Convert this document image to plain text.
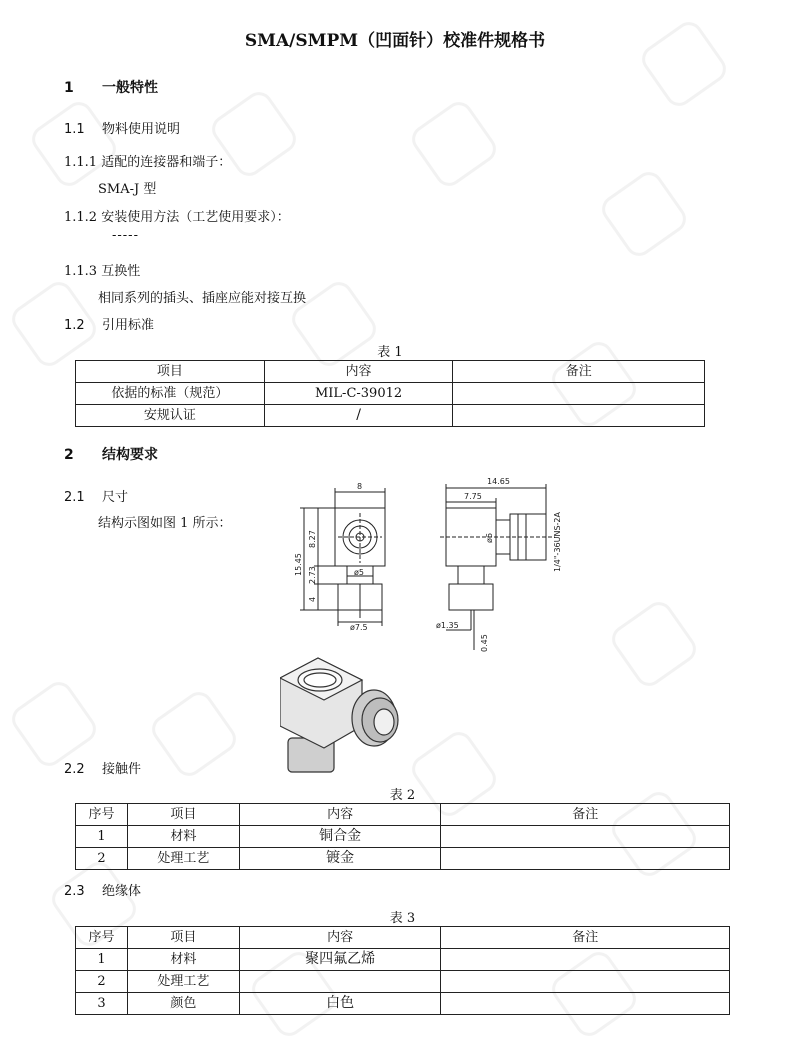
SMA/SMPM（凹面针）校准件规格书
1 一般特性
1.1 物料使用说明
1.1.1 适配的连接器和端子：
SMA-J 型
1.1.2 安装使用方法（工艺使用要求）：
-----
1.1.3 互换性
相同系列的插头、插座应能对接互换
1.2 引用标准
表 1
项目	内容	备注
依据的标准（规范）	MIL-C-39012	
安规认证	/	
2 结构要求
2.1 尺寸
结构示图如图 1 所示：
8
15.45
8.27
2.73
4
ø5
ø7.5
14.65
7.75
ø6	1/4"-36UNS-2A
ø1.35
0.45
2.2 接触件
表 2
序号	项目	内容	备注
1	材料	铜合金	
2	处理工艺	镀金	
2.3 绝缘体
表 3
序号	项目	内容	备注
1	材料	聚四氟乙烯	
2	处理工艺		
3	颜色	白色	
